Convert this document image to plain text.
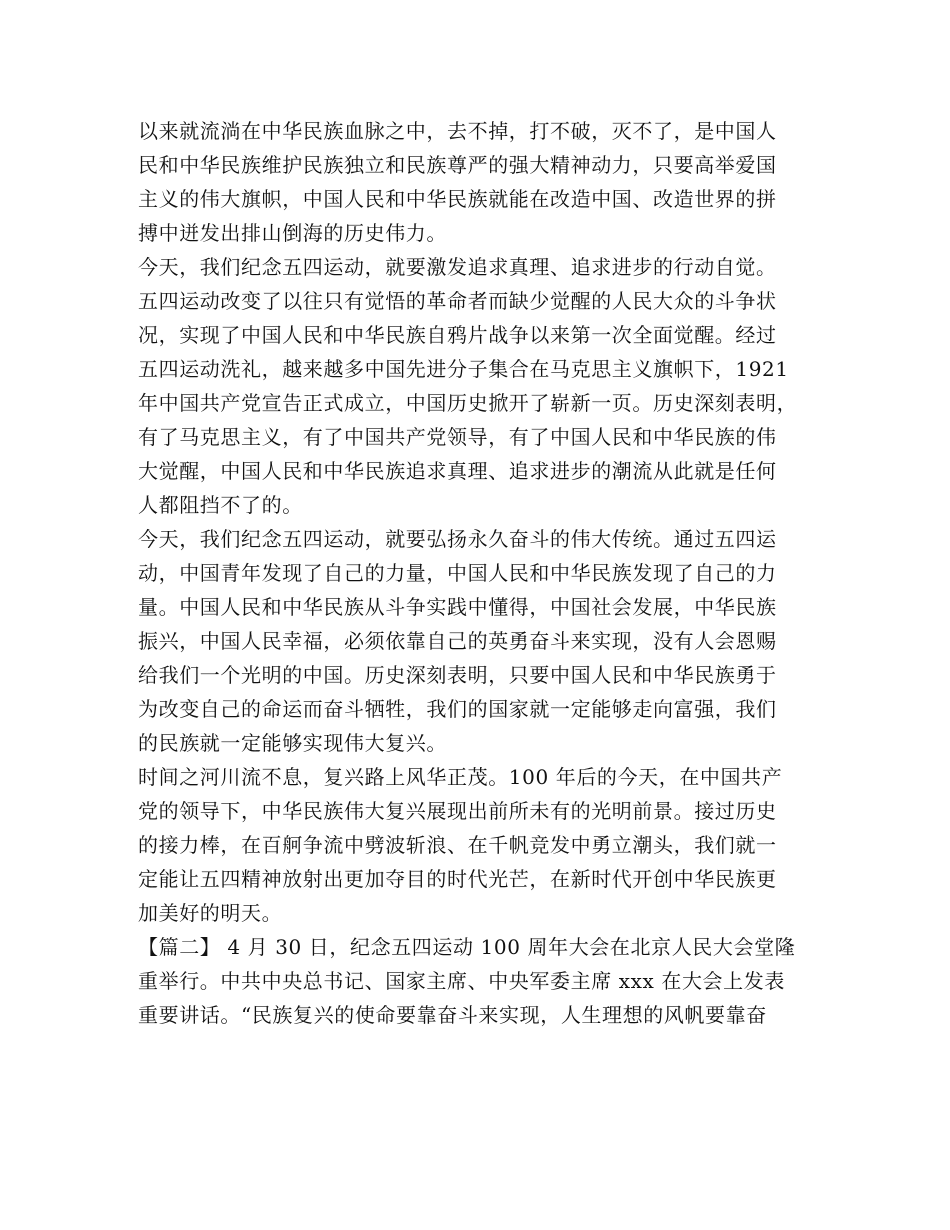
以来就流淌在中华民族血脉之中，去不掉，打不破，灭不了，是中国人
民和中华民族维护民族独立和民族尊严的强大精神动力，只要高举爱国
主义的伟大旗帜，中国人民和中华民族就能在改造中国、改造世界的拼
搏中迸发出排山倒海的历史伟力。
今天，我们纪念五四运动，就要激发追求真理、追求进步的行动自觉。
五四运动改变了以往只有觉悟的革命者而缺少觉醒的人民大众的斗争状
况，实现了中国人民和中华民族自鸦片战争以来第一次全面觉醒。经过
五四运动洗礼，越来越多中国先进分子集合在马克思主义旗帜下，1921
年中国共产党宣告正式成立，中国历史掀开了崭新一页。历史深刻表明，
有了马克思主义，有了中国共产党领导，有了中国人民和中华民族的伟
大觉醒，中国人民和中华民族追求真理、追求进步的潮流从此就是任何
人都阻挡不了的。
今天，我们纪念五四运动，就要弘扬永久奋斗的伟大传统。通过五四运
动，中国青年发现了自己的力量，中国人民和中华民族发现了自己的力
量。中国人民和中华民族从斗争实践中懂得，中国社会发展，中华民族
振兴，中国人民幸福，必须依靠自己的英勇奋斗来实现，没有人会恩赐
给我们一个光明的中国。历史深刻表明，只要中国人民和中华民族勇于
为改变自己的命运而奋斗牺牲，我们的国家就一定能够走向富强，我们
的民族就一定能够实现伟大复兴。
时间之河川流不息，复兴路上风华正茂。100 年后的今天，在中国共产
党的领导下，中华民族伟大复兴展现出前所未有的光明前景。接过历史
的接力棒，在百舸争流中劈波斩浪、在千帆竞发中勇立潮头，我们就一
定能让五四精神放射出更加夺目的时代光芒，在新时代开创中华民族更
加美好的明天。
【篇二】 4 月 30 日，纪念五四运动 100 周年大会在北京人民大会堂隆
重举行。中共中央总书记、国家主席、中央军委主席 xxx 在大会上发表
重要讲话。“民族复兴的使命要靠奋斗来实现，人生理想的风帆要靠奋
